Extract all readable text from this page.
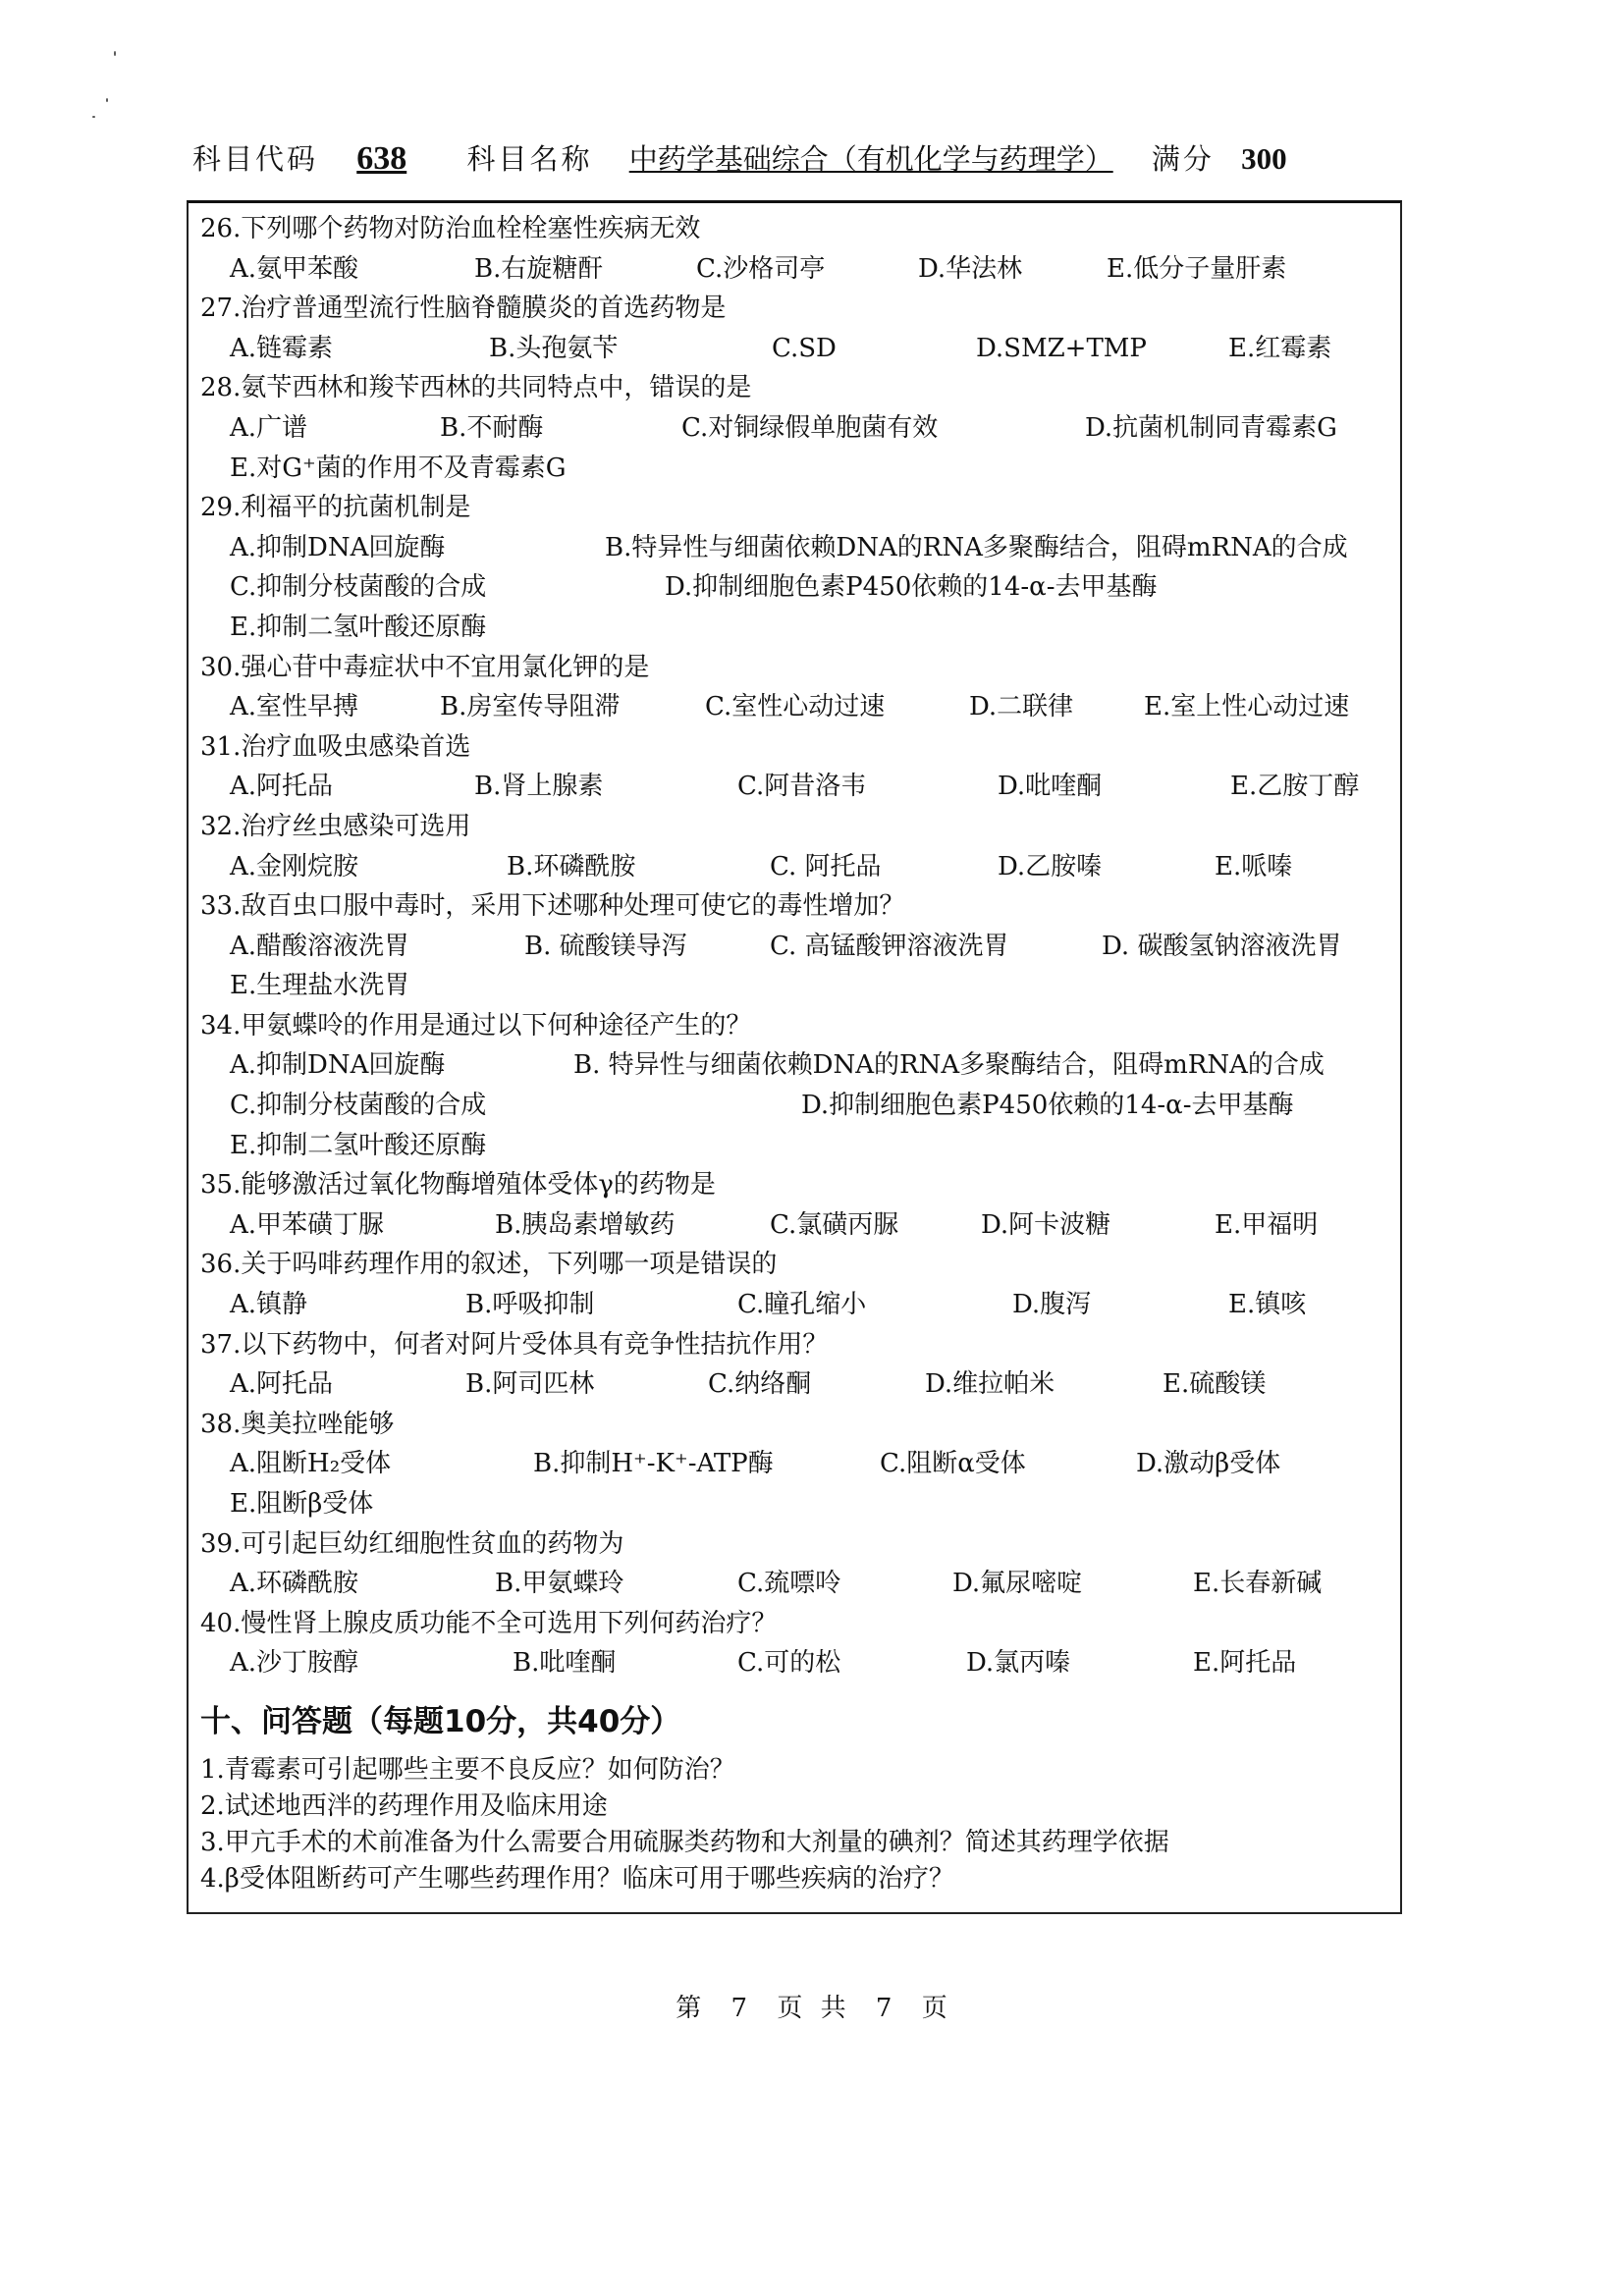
科目代码 638 科目名称 中药学基础综合（有机化学与药理学） 满分 300
26.下列哪个药物对防治血栓栓塞性疾病无效
A.氨甲苯酸	B.右旋糖酐	C.沙格司亭	D.华法林	E.低分子量肝素
27.治疗普通型流行性脑脊髓膜炎的首选药物是
A.链霉素	B.头孢氨苄	C.SD	D.SMZ+TMP	E.红霉素
28.氨苄西林和羧苄西林的共同特点中，错误的是
A.广谱	B.不耐酶	C.对铜绿假单胞菌有效	D.抗菌机制同青霉素G
E.对G⁺菌的作用不及青霉素G
29.利福平的抗菌机制是
A.抑制DNA回旋酶	B.特异性与细菌依赖DNA的RNA多聚酶结合，阻碍mRNA的合成
C.抑制分枝菌酸的合成	D.抑制细胞色素P450依赖的14-α-去甲基酶
E.抑制二氢叶酸还原酶
30.强心苷中毒症状中不宜用氯化钾的是
A.室性早搏	B.房室传导阻滞	C.室性心动过速	D.二联律	E.室上性心动过速
31.治疗血吸虫感染首选
A.阿托品	B.肾上腺素	C.阿昔洛韦	D.吡喹酮	E.乙胺丁醇
32.治疗丝虫感染可选用
A.金刚烷胺	B.环磷酰胺	C. 阿托品	D.乙胺嗪	E.哌嗪
33.敌百虫口服中毒时，采用下述哪种处理可使它的毒性增加？
A.醋酸溶液洗胃	B. 硫酸镁导泻	C. 高锰酸钾溶液洗胃	D. 碳酸氢钠溶液洗胃
E.生理盐水洗胃
34.甲氨蝶呤的作用是通过以下何种途径产生的？
A.抑制DNA回旋酶	B. 特异性与细菌依赖DNA的RNA多聚酶结合，阻碍mRNA的合成
C.抑制分枝菌酸的合成	D.抑制细胞色素P450依赖的14-α-去甲基酶
E.抑制二氢叶酸还原酶
35.能够激活过氧化物酶增殖体受体γ的药物是
A.甲苯磺丁脲	B.胰岛素增敏药	C.氯磺丙脲	D.阿卡波糖	E.甲福明
36.关于吗啡药理作用的叙述，下列哪一项是错误的
A.镇静	B.呼吸抑制	C.瞳孔缩小	D.腹泻	E.镇咳
37.以下药物中，何者对阿片受体具有竞争性拮抗作用？
A.阿托品	B.阿司匹林	C.纳络酮	D.维拉帕米	E.硫酸镁
38.奥美拉唑能够
A.阻断H₂受体	B.抑制H⁺-K⁺-ATP酶	C.阻断α受体	D.激动β受体
E.阻断β受体
39.可引起巨幼红细胞性贫血的药物为
A.环磷酰胺	B.甲氨蝶玲	C.巯嘌呤	D.氟尿嘧啶	E.长春新碱
40.慢性肾上腺皮质功能不全可选用下列何药治疗？
A.沙丁胺醇	B.吡喹酮	C.可的松	D.氯丙嗪	E.阿托品
十、问答题（每题10分，共40分）
1.青霉素可引起哪些主要不良反应？如何防治？
2.试述地西泮的药理作用及临床用途
3.甲亢手术的术前准备为什么需要合用硫脲类药物和大剂量的碘剂？简述其药理学依据
4.β受体阻断药可产生哪些药理作用？临床可用于哪些疾病的治疗？
第 7 页 共 7 页
